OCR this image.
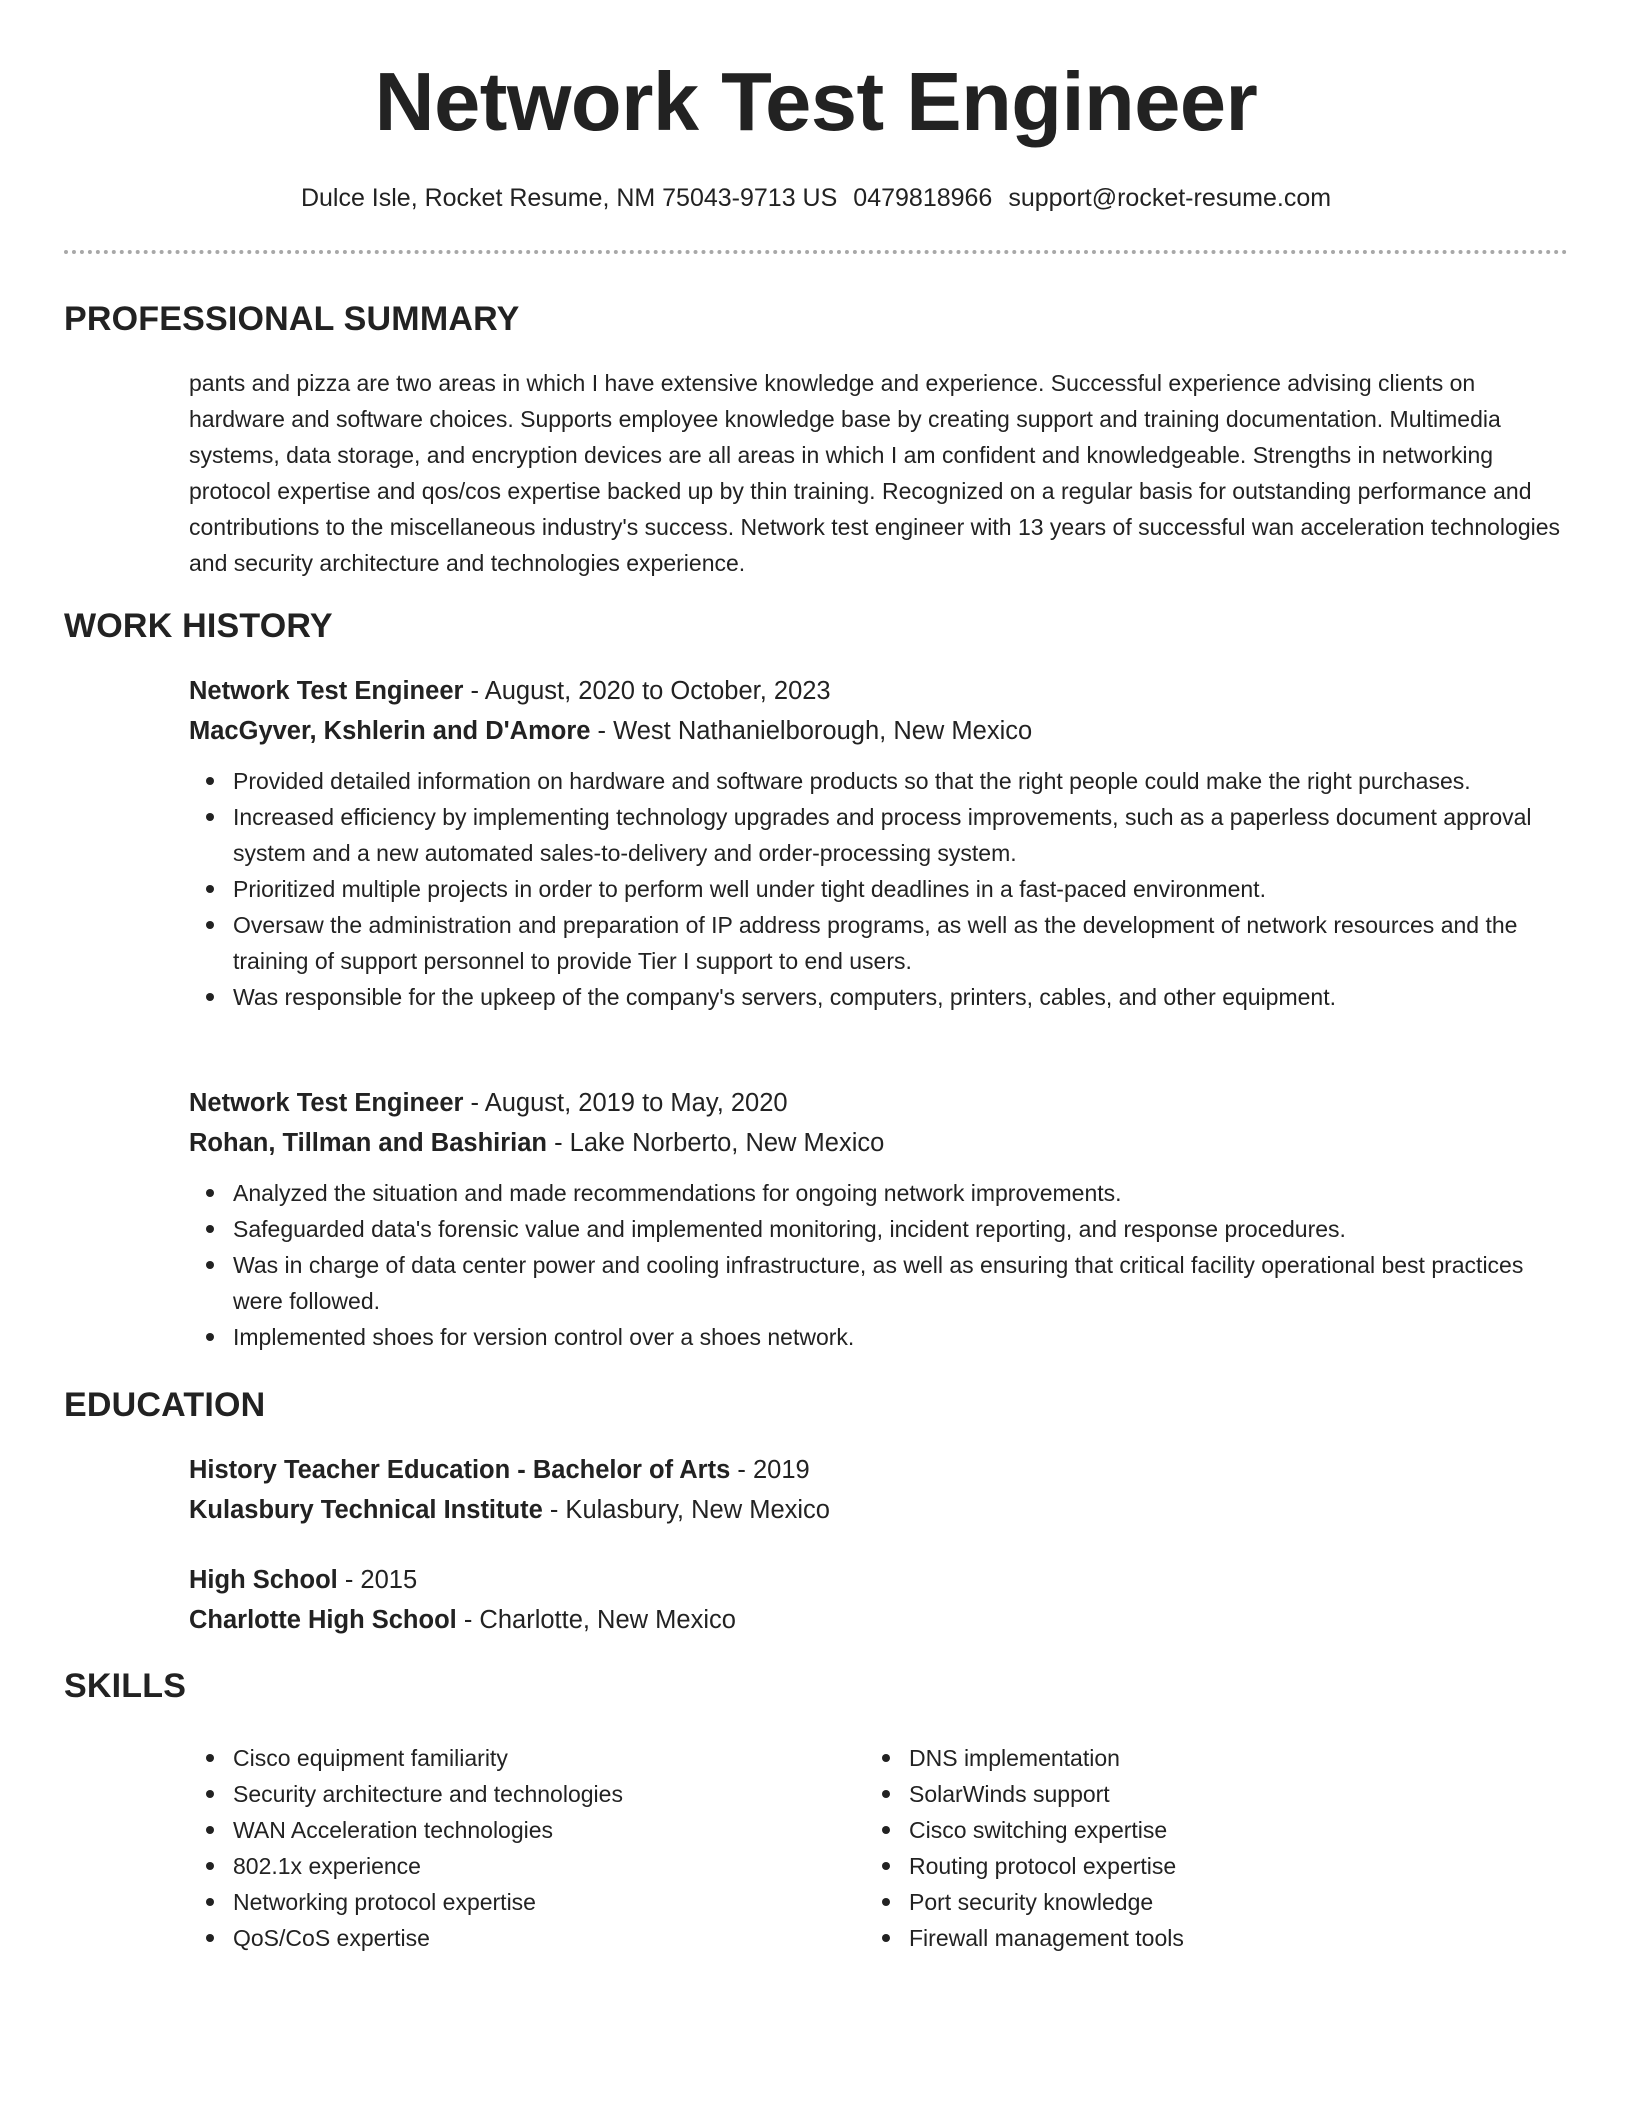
Network Test Engineer
Dulce Isle, Rocket Resume, NM 75043-9713 US 0479818966 support@rocket-resume.com
PROFESSIONAL SUMMARY
pants and pizza are two areas in which I have extensive knowledge and experience. Successful experience advising clients on hardware and software choices. Supports employee knowledge base by creating support and training documentation. Multimedia systems, data storage, and encryption devices are all areas in which I am confident and knowledgeable. Strengths in networking protocol expertise and qos/cos expertise backed up by thin training. Recognized on a regular basis for outstanding performance and contributions to the miscellaneous industry's success. Network test engineer with 13 years of successful wan acceleration technologies and security architecture and technologies experience.
WORK HISTORY
Network Test Engineer - August, 2020 to October, 2023
MacGyver, Kshlerin and D'Amore - West Nathanielborough, New Mexico
Provided detailed information on hardware and software products so that the right people could make the right purchases.
Increased efficiency by implementing technology upgrades and process improvements, such as a paperless document approval system and a new automated sales-to-delivery and order-processing system.
Prioritized multiple projects in order to perform well under tight deadlines in a fast-paced environment.
Oversaw the administration and preparation of IP address programs, as well as the development of network resources and the training of support personnel to provide Tier I support to end users.
Was responsible for the upkeep of the company's servers, computers, printers, cables, and other equipment.
Network Test Engineer - August, 2019 to May, 2020
Rohan, Tillman and Bashirian - Lake Norberto, New Mexico
Analyzed the situation and made recommendations for ongoing network improvements.
Safeguarded data's forensic value and implemented monitoring, incident reporting, and response procedures.
Was in charge of data center power and cooling infrastructure, as well as ensuring that critical facility operational best practices were followed.
Implemented shoes for version control over a shoes network.
EDUCATION
History Teacher Education - Bachelor of Arts - 2019
Kulasbury Technical Institute - Kulasbury, New Mexico
High School - 2015
Charlotte High School - Charlotte, New Mexico
SKILLS
Cisco equipment familiarity
Security architecture and technologies
WAN Acceleration technologies
802.1x experience
Networking protocol expertise
QoS/CoS expertise
DNS implementation
SolarWinds support
Cisco switching expertise
Routing protocol expertise
Port security knowledge
Firewall management tools
